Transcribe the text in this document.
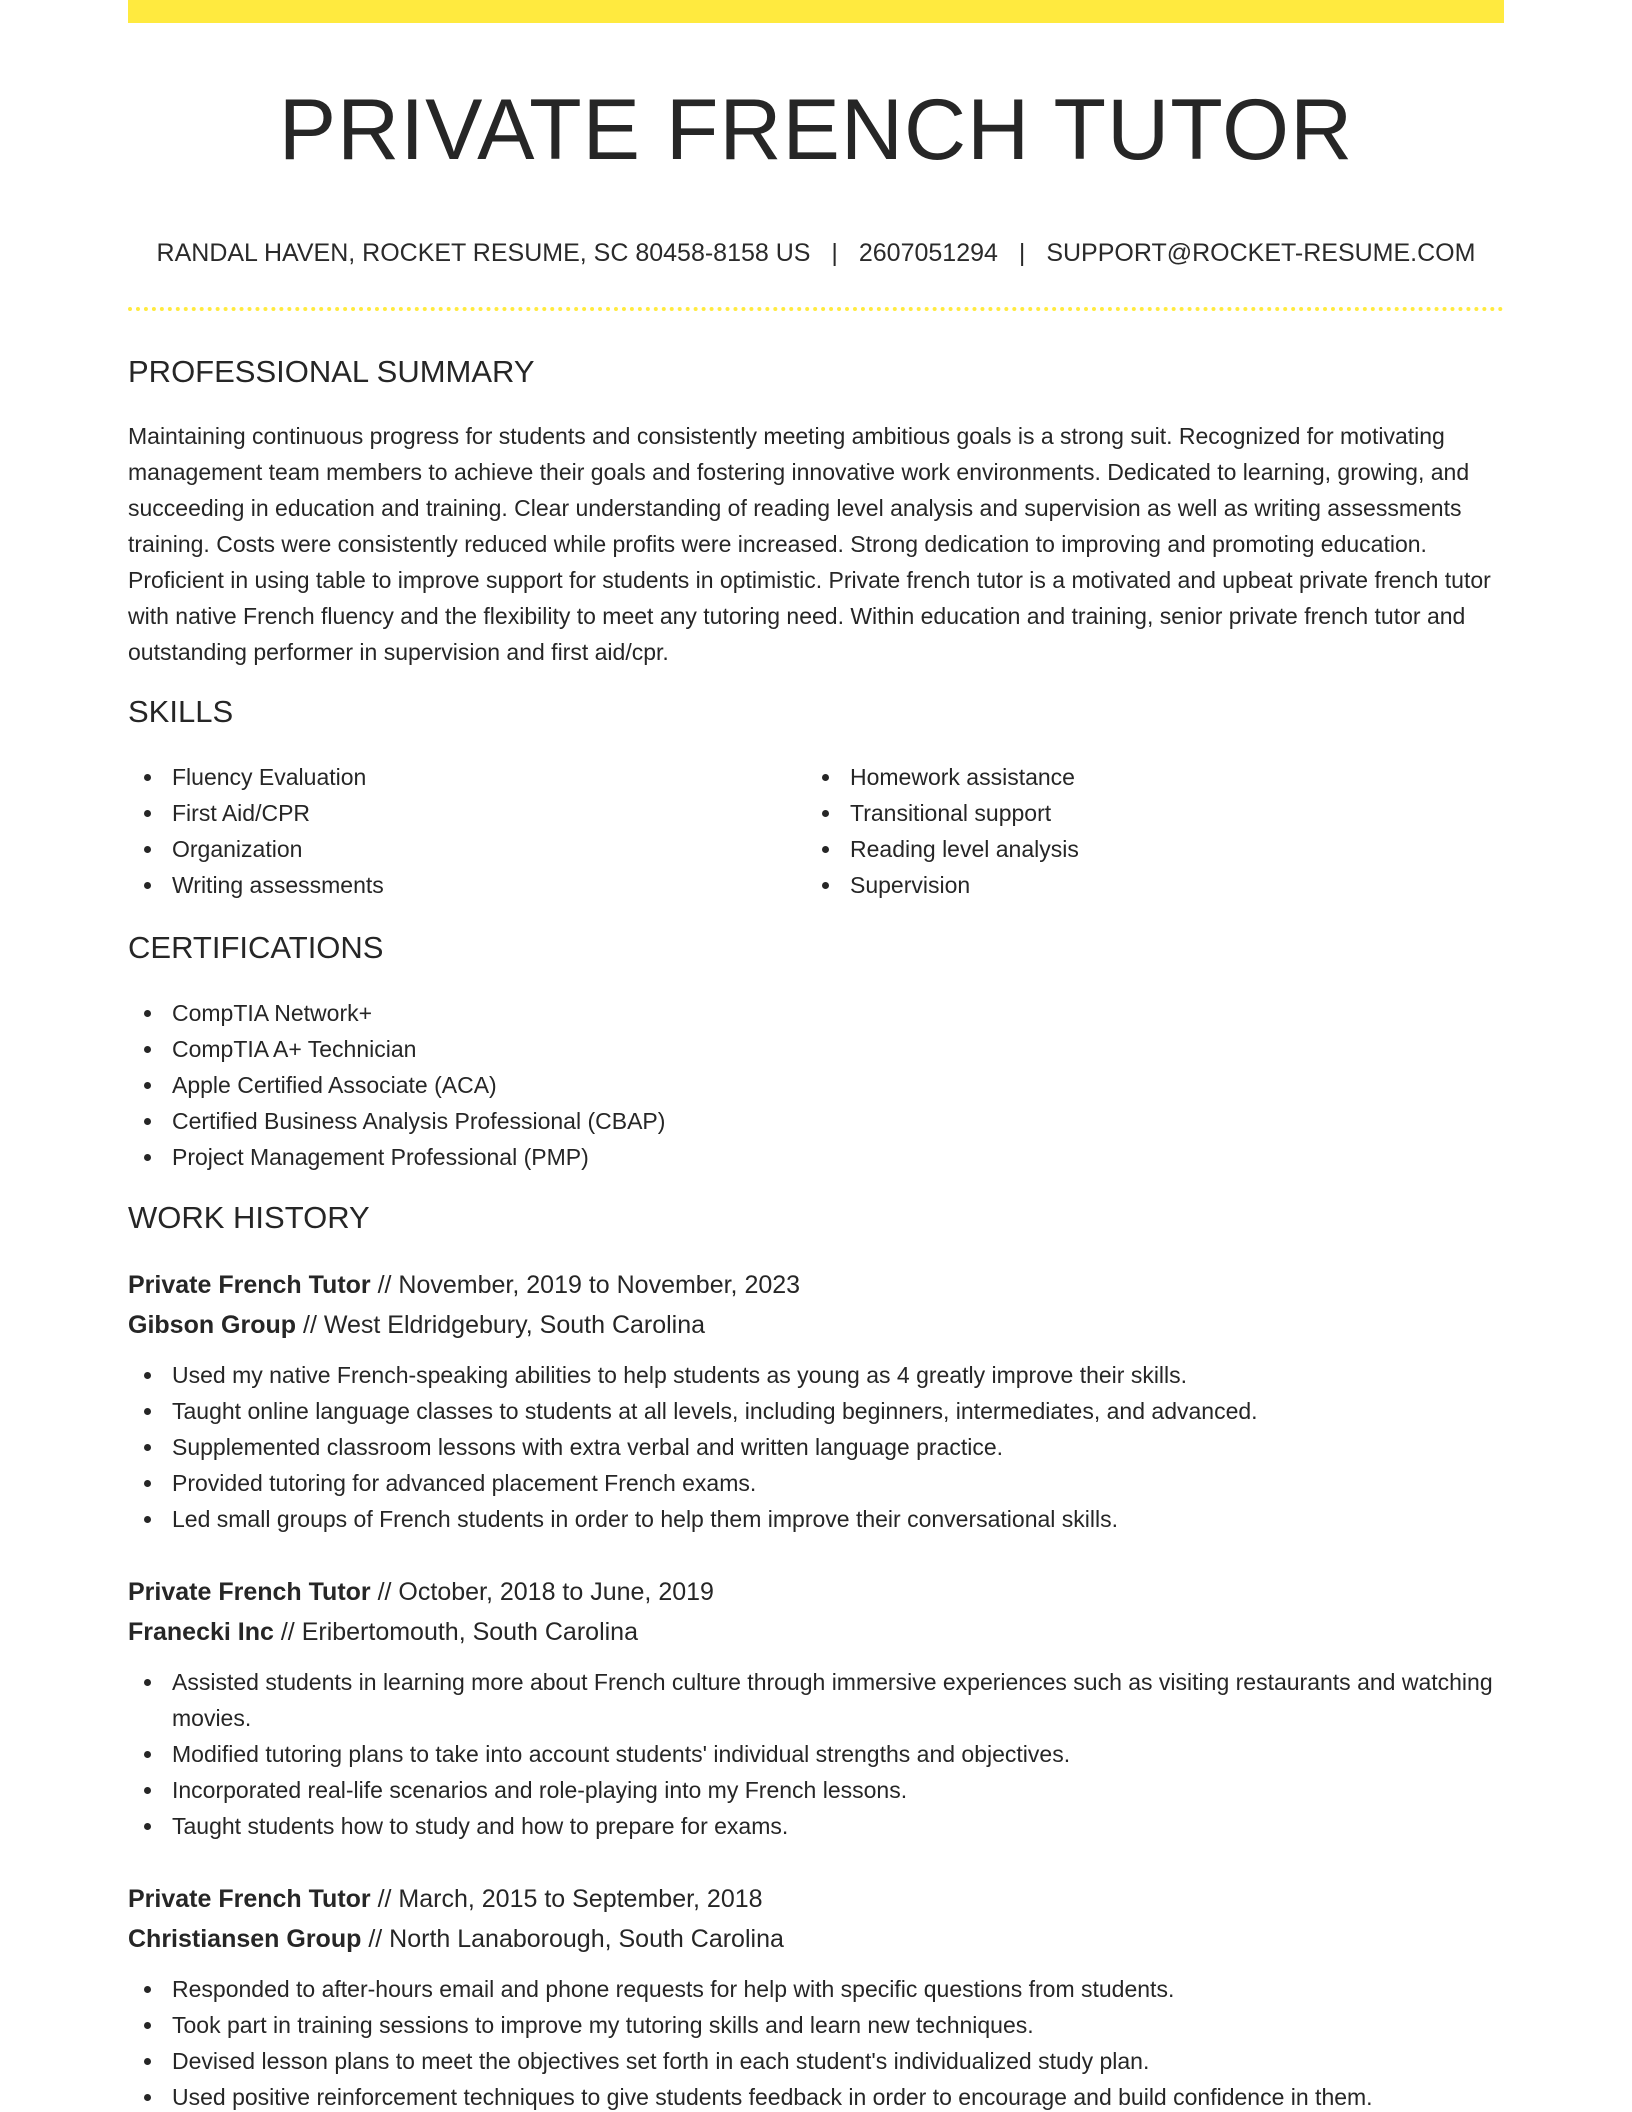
PRIVATE FRENCH TUTOR
RANDAL HAVEN, ROCKET RESUME, SC 80458-8158 US | 2607051294 | SUPPORT@ROCKET-RESUME.COM
PROFESSIONAL SUMMARY

Maintaining continuous progress for students and consistently meeting ambitious goals is a strong suit. Recognized for motivating management team members to achieve their goals and fostering innovative work environments. Dedicated to learning, growing, and succeeding in education and training. Clear understanding of reading level analysis and supervision as well as writing assessments training. Costs were consistently reduced while profits were increased. Strong dedication to improving and promoting education. Proficient in using table to improve support for students in optimistic. Private french tutor is a motivated and upbeat private french tutor with native French fluency and the flexibility to meet any tutoring need. Within education and training, senior private french tutor and outstanding performer in supervision and first aid/cpr.

SKILLS
Fluency Evaluation
First Aid/CPR
Organization
Writing assessments
Homework assistance
Transitional support
Reading level analysis
Supervision
CERTIFICATIONS
CompTIA Network+
CompTIA A+ Technician
Apple Certified Associate (ACA)
Certified Business Analysis Professional (CBAP)
Project Management Professional (PMP)
WORK HISTORY
Private French Tutor // November, 2019 to November, 2023
Gibson Group // West Eldridgebury, South Carolina
Used my native French-speaking abilities to help students as young as 4 greatly improve their skills.
Taught online language classes to students at all levels, including beginners, intermediates, and advanced.
Supplemented classroom lessons with extra verbal and written language practice.
Provided tutoring for advanced placement French exams.
Led small groups of French students in order to help them improve their conversational skills.
Private French Tutor // October, 2018 to June, 2019
Franecki Inc // Eribertomouth, South Carolina
Assisted students in learning more about French culture through immersive experiences such as visiting restaurants and watching movies.
Modified tutoring plans to take into account students' individual strengths and objectives.
Incorporated real-life scenarios and role-playing into my French lessons.
Taught students how to study and how to prepare for exams.
Private French Tutor // March, 2015 to September, 2018
Christiansen Group // North Lanaborough, South Carolina
Responded to after-hours email and phone requests for help with specific questions from students.
Took part in training sessions to improve my tutoring skills and learn new techniques.
Devised lesson plans to meet the objectives set forth in each student's individualized study plan.
Used positive reinforcement techniques to give students feedback in order to encourage and build confidence in them.
